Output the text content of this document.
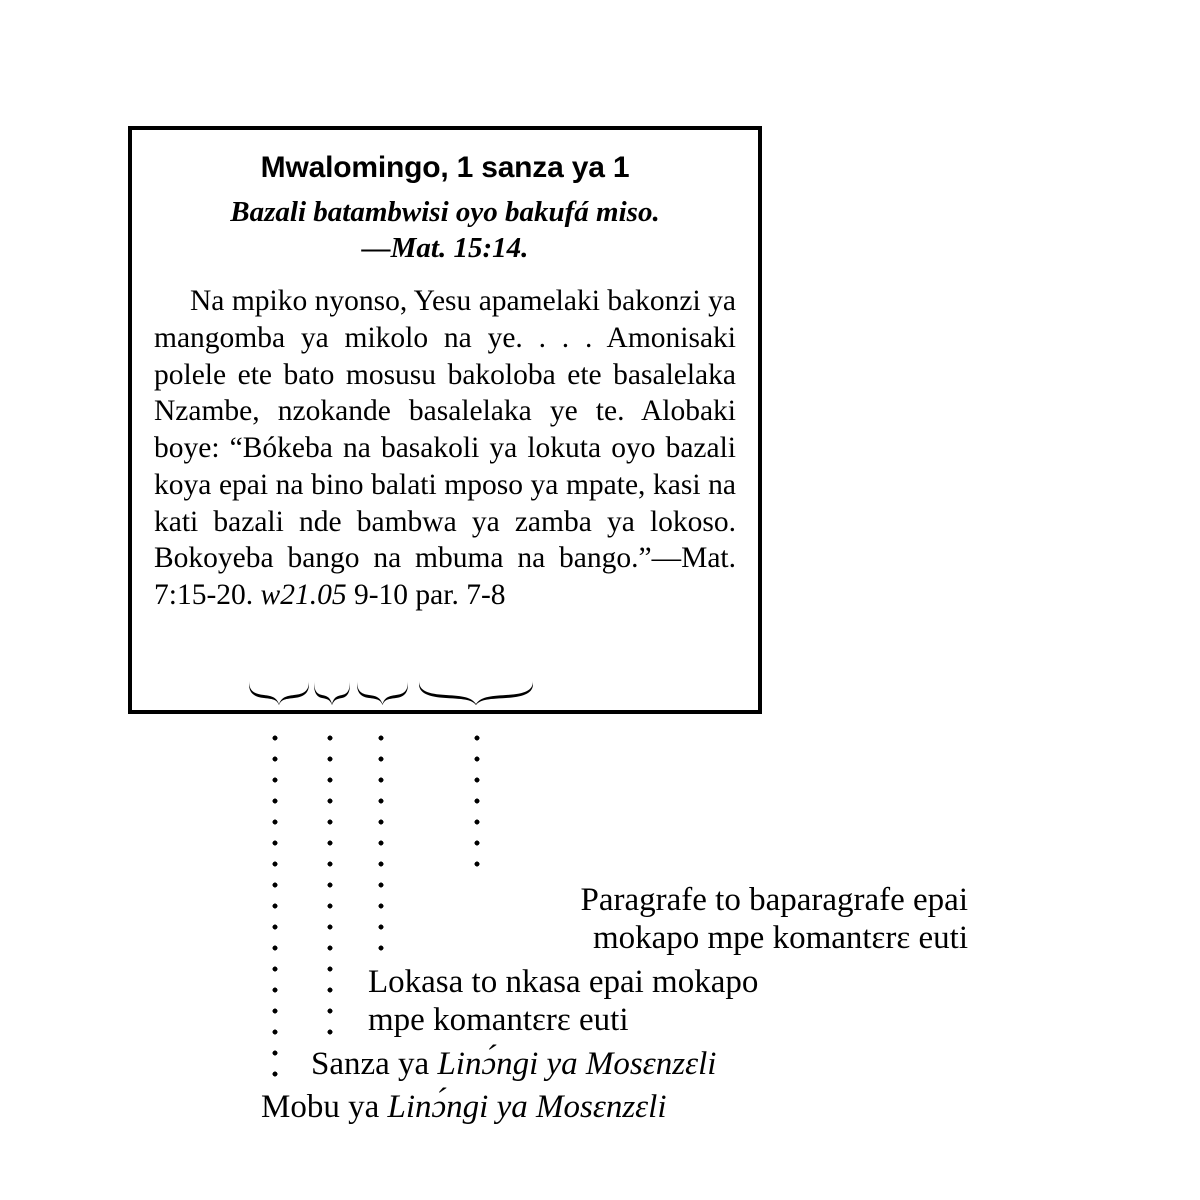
Mwalomingo, 1 sanza ya 1
Bazali batambwisi oyo bakufá miso. —Mat. 15:14.

Na mpiko nyonso, Yesu apamelaki bakonzi ya mangomba ya mikolo na ye. . . . Amonisaki polele ete bato mosusu bakoloba ete basalelaka Nzambe, nzokande basalelaka ye te. Alobaki boye: “Bókeba na basakoli ya lokuta oyo bazali koya epai na bino balati mposo ya mpate, kasi na kati bazali nde bambwa ya zamba ya lokoso. Bokoyeba bango na mbuma na bango.”—Mat. 7:15-20. w21.05 9-10 par. 7-8

Paragrafe to baparagrafe epai
mokapo mpe komantɛrɛ euti
Lokasa to nkasa epai mokapo
mpe komantɛrɛ euti
Sanza ya Linɔ́ngi ya Mosɛnzɛli
Mobu ya Linɔ́ngi ya Mosɛnzɛli
